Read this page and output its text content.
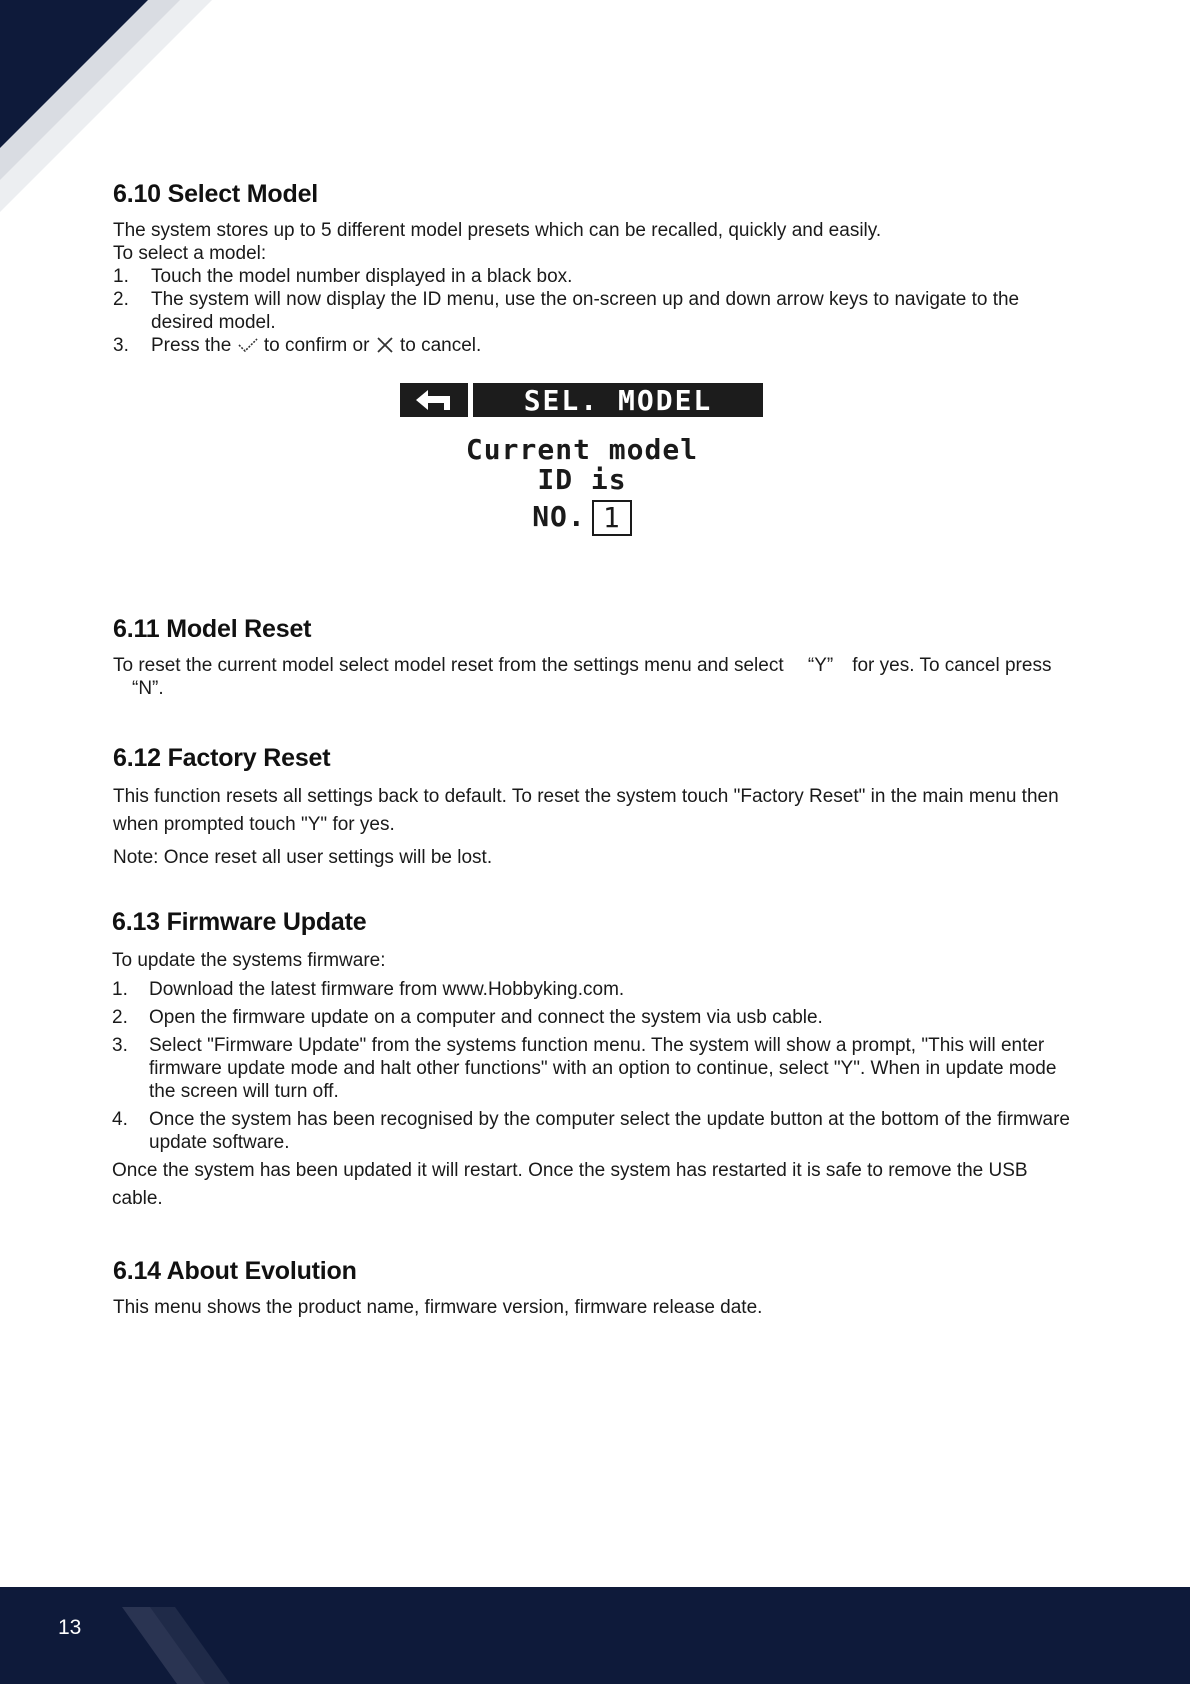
6.10 Select Model

The system stores up to 5 different model presets which can be recalled, quickly and easily.

To select a model:

1. Touch the model number displayed in a black box.
2. The system will now display the ID menu, use the on-screen up and down arrow keys to navigate to the desired model.
3. Press the to confirm or to cancel.
6.11 Model Reset

To reset the current model select model reset from the settings menu and select 　“Y”　for yes. To cancel press 　“N”.

6.12 Factory Reset

This function resets all settings back to default. To reset the system touch "Factory Reset" in the main menu then when prompted touch "Y" for yes.

Note: Once reset all user settings will be lost.

6.13 Firmware Update

To update the systems firmware:

1. Download the latest firmware from www.Hobbyking.com.
2. Open the firmware update on a computer and connect the system via usb cable.
3. Select "Firmware Update" from the systems function menu. The system will show a prompt, "This will enter firmware update mode and halt other functions" with an option to continue, select "Y". When in update mode the screen will turn off.
4. Once the system has been recognised by the computer select the update button at the bottom of the firmware update software.

Once the system has been updated it will restart. Once the system has restarted it is safe to remove the USB cable.

6.14 About Evolution

This menu shows the product name, firmware version, firmware release date.

SEL. MODEL
Current model
ID is
NO. 1
13
